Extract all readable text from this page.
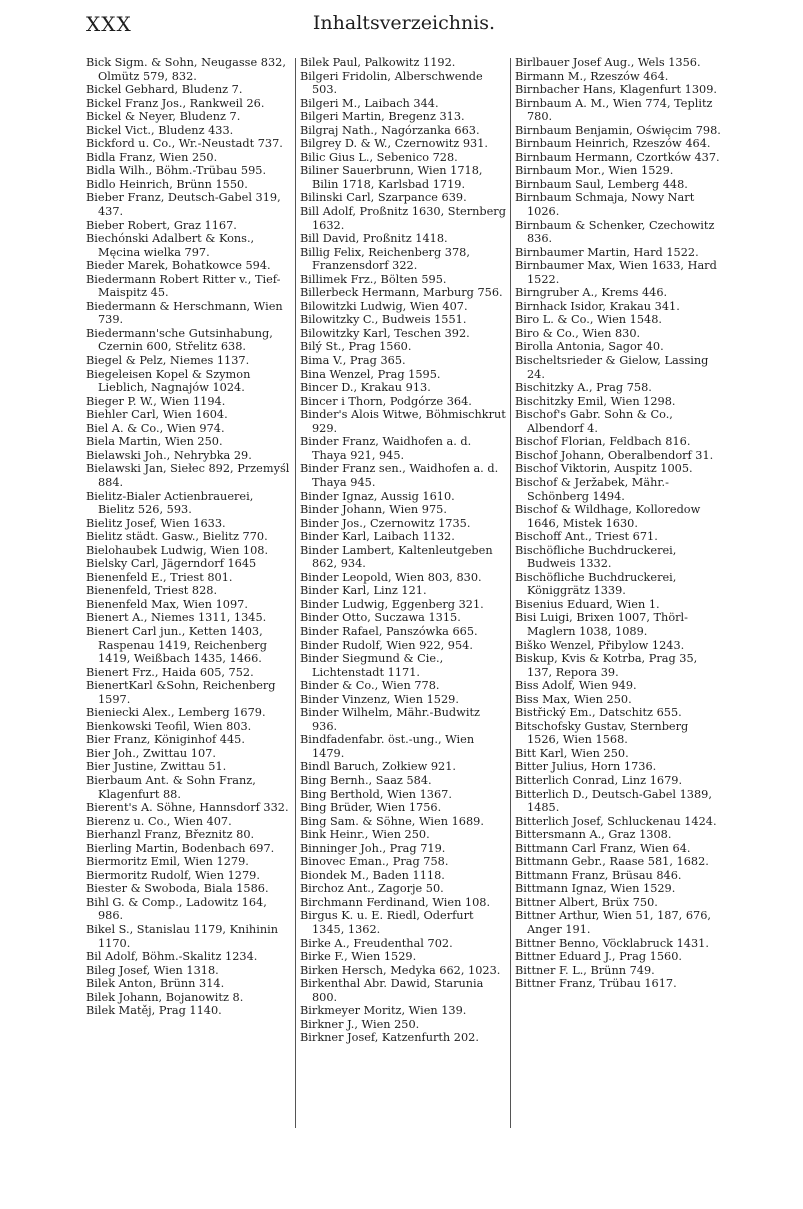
XXX	Inhaltsverzeichnis.

Bick Sigm. & Sohn, Neugasse 832, Olmütz 579, 832.

Bickel Gebhard, Bludenz 7.

Bickel Franz Jos., Rankweil 26.

Bickel & Neyer, Bludenz 7.

Bickel Vict., Bludenz 433.

Bickford u. Co., Wr.-Neustadt 737.

Bidla Franz, Wien 250.

Bidla Wilh., Böhm.-Trübau 595.

Bidlo Heinrich, Brünn 1550.

Bieber Franz, Deutsch-Gabel 319, 437.

Bieber Robert, Graz 1167.

Biechónski Adalbert & Kons., Męcina wielka 797.

Bieder Marek, Bohatkowce 594.

Biedermann Robert Ritter v., Tief-Maispitz 45.

Biedermann & Herschmann, Wien 739.

Biedermann'sche Gutsinhabung, Czernin 600, Střelitz 638.

Biegel & Pelz, Niemes 1137.

Biegeleisen Kopel & Szymon Lieblich, Nagnajów 1024.

Bieger P. W., Wien 1194.

Biehler Carl, Wien 1604.

Biel A. & Co., Wien 974.

Biela Martin, Wien 250.

Bielawski Joh., Nehrybka 29.

Bielawski Jan, Siełec 892, Przemyśl 884.

Bielitz-Bialer Actienbrauerei, Bielitz 526, 593.

Bielitz Josef, Wien 1633.

Bielitz städt. Gasw., Bielitz 770.

Bielohaubek Ludwig, Wien 108.

Bielsky Carl, Jägerndorf 1645

Bienenfeld E., Triest 801.

Bienenfeld, Triest 828.

Bienenfeld Max, Wien 1097.

Bienert A., Niemes 1311, 1345.

Bienert Carl jun., Ketten 1403, Raspenau 1419, Reichenberg 1419, Weißbach 1435, 1466.

Bienert Frz., Haida 605, 752.

BienertKarl &Sohn, Reichenberg 1597.

Bieniecki Alex., Lemberg 1679.

Bienkowski Teofil, Wien 803.

Bier Franz, Königinhof 445.

Bier Joh., Zwittau 107.

Bier Justine, Zwittau 51.

Bierbaum Ant. & Sohn Franz, Klagenfurt 88.

Bierent's A. Söhne, Hannsdorf 332.

Bierenz u. Co., Wien 407.

Bierhanzl Franz, Březnitz 80.

Bierling Martin, Bodenbach 697.

Biermoritz Emil, Wien 1279.

Biermoritz Rudolf, Wien 1279.

Biester & Swoboda, Biala 1586.

Bihl G. & Comp., Ladowitz 164, 986.

Bikel S., Stanislau 1179, Knihinin 1170.

Bil Adolf, Böhm.-Skalitz 1234.

Bileg Josef, Wien 1318.

Bilek Anton, Brünn 314.

Bilek Johann, Bojanowitz 8.

Bilek Matěj, Prag 1140.

Bilek Paul, Palkowitz 1192.

Bilgeri Fridolin, Alberschwende 503.

Bilgeri M., Laibach 344.

Bilgeri Martin, Bregenz 313.

Bilgraj Nath., Nagórzanka 663.

Bilgrey D. & W., Czernowitz 931.

Bilic Gius L., Sebenico 728.

Biliner Sauerbrunn, Wien 1718, Bilin 1718, Karlsbad 1719.

Bilinski Carl, Szarpance 639.

Bill Adolf, Proßnitz 1630, Sternberg 1632.

Bill David, Proßnitz 1418.

Billig Felix, Reichenberg 378, Franzensdorf 322.

Billimek Frz., Bölten 595.

Billerbeck Hermann, Marburg 756.

Bilowitzki Ludwig, Wien 407.

Bilowitzky C., Budweis 1551.

Bilowitzky Karl, Teschen 392.

Bilý St., Prag 1560.

Bima V., Prag 365.

Bina Wenzel, Prag 1595.

Bincer D., Krakau 913.

Bincer i Thorn, Podgórze 364.

Binder's Alois Witwe, Böhmischkrut 929.

Binder Franz, Waidhofen a. d. Thaya 921, 945.

Binder Franz sen., Waidhofen a. d. Thaya 945.

Binder Ignaz, Aussig 1610.

Binder Johann, Wien 975.

Binder Jos., Czernowitz 1735.

Binder Karl, Laibach 1132.

Binder Lambert, Kaltenleutgeben 862, 934.

Binder Leopold, Wien 803, 830.

Binder Karl, Linz 121.

Binder Ludwig, Eggenberg 321.

Binder Otto, Suczawa 1315.

Binder Rafael, Panszówka 665.

Binder Rudolf, Wien 922, 954.

Binder Siegmund & Cie., Lichtenstadt 1171.

Binder & Co., Wien 778.

Binder Vinzenz, Wien 1529.

Binder Wilhelm, Mähr.-Budwitz 936.

Bindfadenfabr. öst.-ung., Wien 1479.

Bindl Baruch, Zołkiew 921.

Bing Bernh., Saaz 584.

Bing Berthold, Wien 1367.

Bing Brüder, Wien 1756.

Bing Sam. & Söhne, Wien 1689.

Bink Heinr., Wien 250.

Binninger Joh., Prag 719.

Binovec Eman., Prag 758.

Biondek M., Baden 1118.

Birchoz Ant., Zagorje 50.

Birchmann Ferdinand, Wien 108.

Birgus K. u. E. Riedl, Oderfurt 1345, 1362.

Birke A., Freudenthal 702.

Birke F., Wien 1529.

Birken Hersch, Medyka 662, 1023.

Birkenthal Abr. Dawid, Starunia 800.

Birkmeyer Moritz, Wien 139.

Birkner J., Wien 250.

Birkner Josef, Katzenfurth 202.

Birlbauer Josef Aug., Wels 1356.

Birmann M., Rzeszów 464.

Birnbacher Hans, Klagenfurt 1309.

Birnbaum A. M., Wien 774, Teplitz 780.

Birnbaum Benjamin, Oświęcim 798.

Birnbaum Heinrich, Rzeszów 464.

Birnbaum Hermann, Czortków 437.

Birnbaum Mor., Wien 1529.

Birnbaum Saul, Lemberg 448.

Birnbaum Schmaja, Nowy Nart 1026.

Birnbaum & Schenker, Czechowitz 836.

Birnbaumer Martin, Hard 1522.

Birnbaumer Max, Wien 1633, Hard 1522.

Birngruber A., Krems 446.

Birnhack Isidor, Krakau 341.

Biro L. & Co., Wien 1548.

Biro & Co., Wien 830.

Birolla Antonia, Sagor 40.

Bischeltsrieder & Gielow, Lassing 24.

Bischitzky A., Prag 758.

Bischitzky Emil, Wien 1298.

Bischof's Gabr. Sohn & Co., Albendorf 4.

Bischof Florian, Feldbach 816.

Bischof Johann, Oberalbendorf 31.

Bischof Viktorin, Auspitz 1005.

Bischof & Jeržabek, Mähr.-Schönberg 1494.

Bischof & Wildhage, Kolloredow 1646, Mistek 1630.

Bischoff Ant., Triest 671.

Bischöfliche Buchdruckerei, Budweis 1332.

Bischöfliche Buchdruckerei, Königgrätz 1339.

Bisenius Eduard, Wien 1.

Bisi Luigi, Brixen 1007, Thörl-Maglern 1038, 1089.

Biško Wenzel, Přibylow 1243.

Biskup, Kvis & Kotrba, Prag 35, 137, Repora 39.

Biss Adolf, Wien 949.

Biss Max, Wien 250.

Bistřický Em., Datschitz 655.

Bitschofsky Gustav, Sternberg 1526, Wien 1568.

Bitt Karl, Wien 250.

Bitter Julius, Horn 1736.

Bitterlich Conrad, Linz 1679.

Bitterlich D., Deutsch-Gabel 1389, 1485.

Bitterlich Josef, Schluckenau 1424.

Bittersmann A., Graz 1308.

Bittmann Carl Franz, Wien 64.

Bittmann Gebr., Raase 581, 1682.

Bittmann Franz, Brüsau 846.

Bittmann Ignaz, Wien 1529.

Bittner Albert, Brüx 750.

Bittner Arthur, Wien 51, 187, 676, Anger 191.

Bittner Benno, Vöcklabruck 1431.

Bittner Eduard J., Prag 1560.

Bittner F. L., Brünn 749.

Bittner Franz, Trübau 1617.
